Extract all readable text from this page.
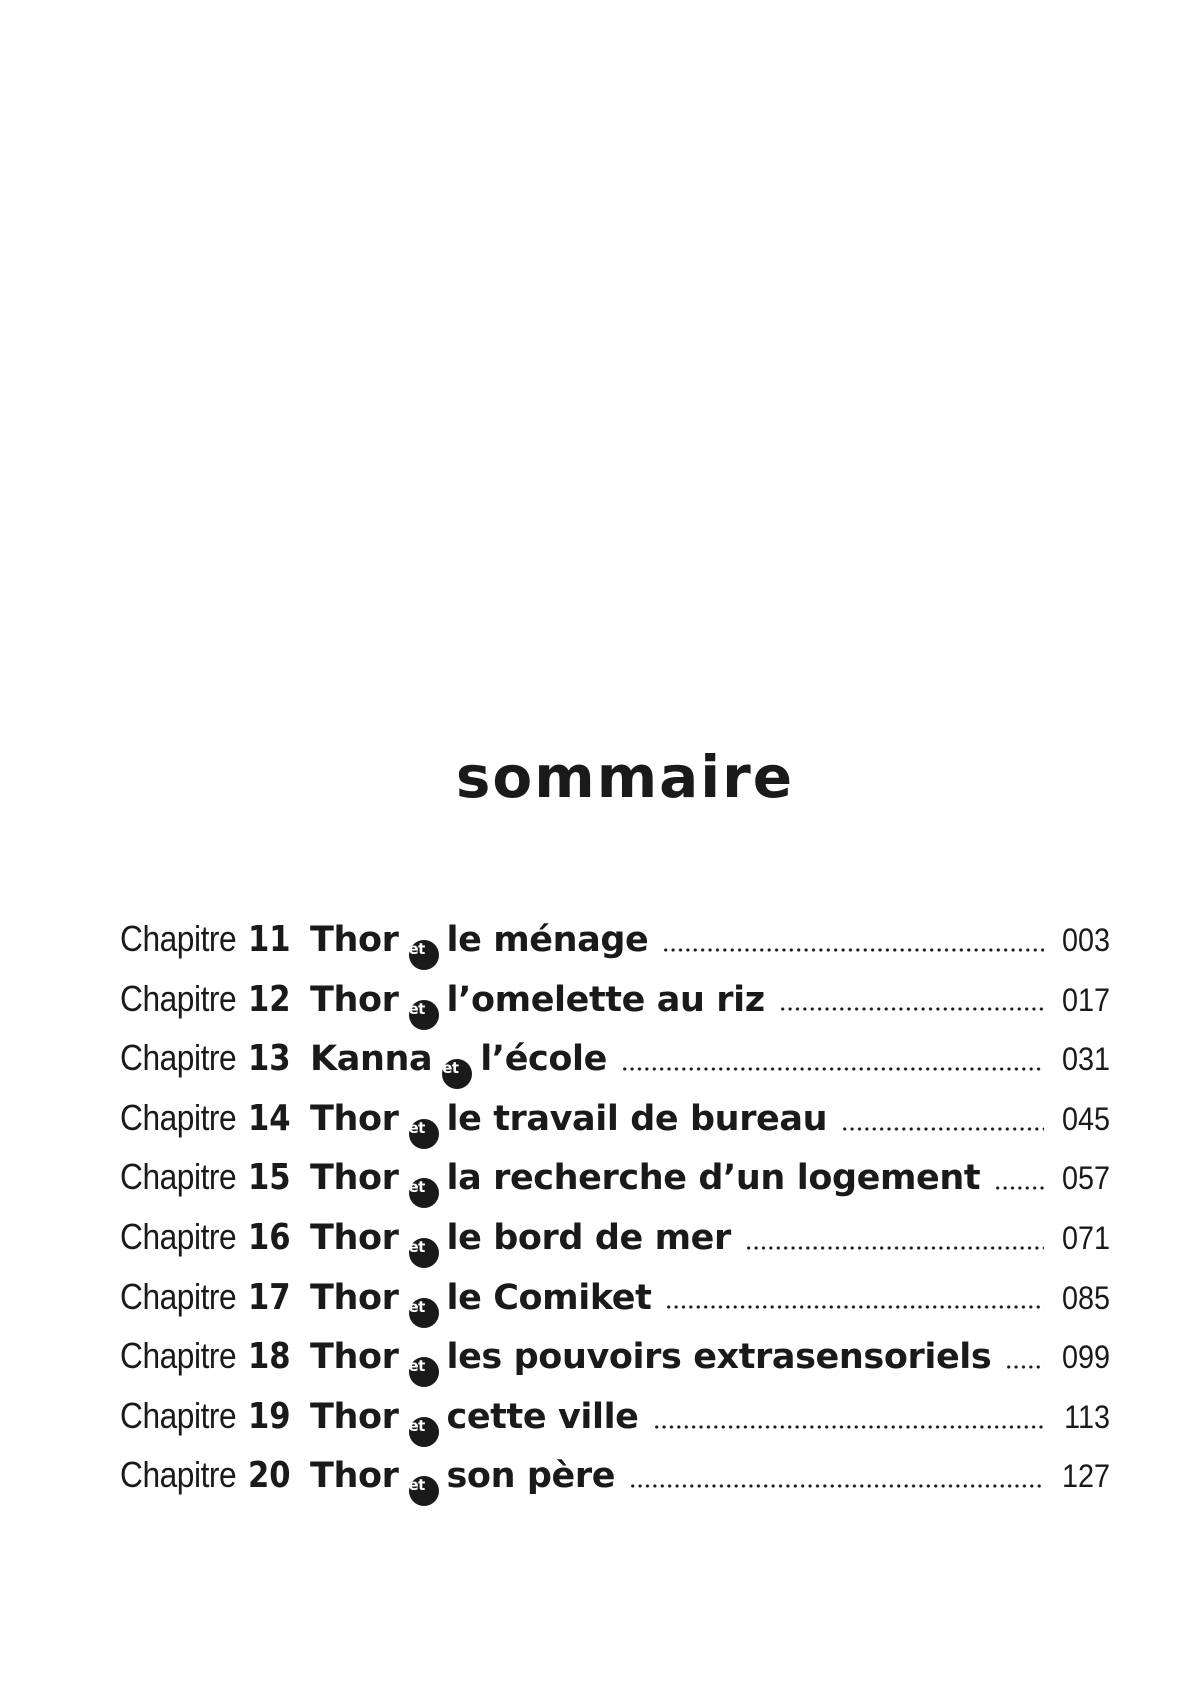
sommaire
Chapitre 11 Thor et le ménage	003
Chapitre 12 Thor et l’omelette au riz	017
Chapitre 13 Kanna et l’école	031
Chapitre 14 Thor et le travail de bureau	045
Chapitre 15 Thor et la recherche d’un logement	057
Chapitre 16 Thor et le bord de mer	071
Chapitre 17 Thor et le Comiket	085
Chapitre 18 Thor et les pouvoirs extrasensoriels 099
Chapitre 19 Thor et cette ville	113
Chapitre 20 Thor et son père	127
